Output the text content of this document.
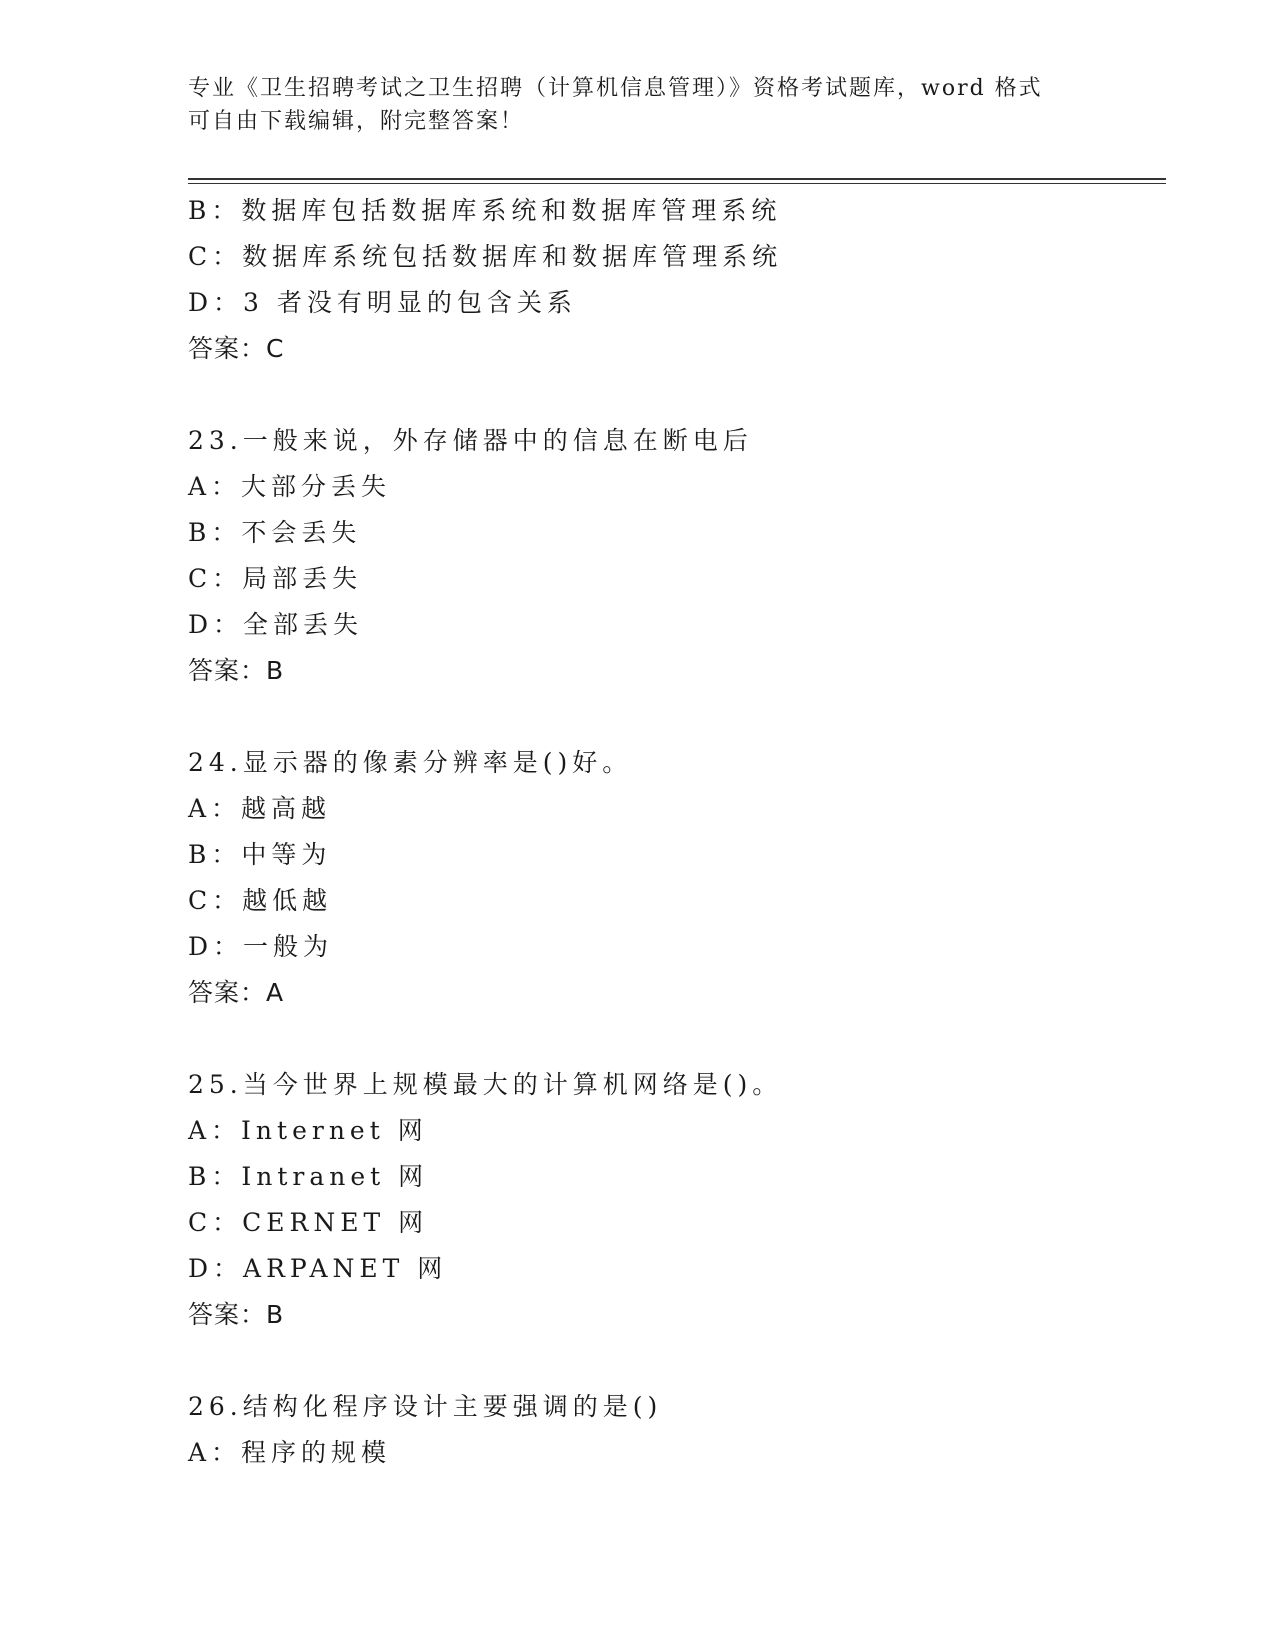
专业《卫生招聘考试之卫生招聘（计算机信息管理）》资格考试题库，word 格式
可自由下载编辑，附完整答案！
B：数据库包括数据库系统和数据库管理系统
C：数据库系统包括数据库和数据库管理系统
D：3 者没有明显的包含关系
答案：C
23.一般来说，外存储器中的信息在断电后
A：大部分丢失
B：不会丢失
C：局部丢失
D：全部丢失
答案：B
24.显示器的像素分辨率是()好。
A：越高越
B：中等为
C：越低越
D：一般为
答案：A
25.当今世界上规模最大的计算机网络是()。
A：Internet 网
B：Intranet 网
C：CERNET 网
D：ARPANET 网
答案：B
26.结构化程序设计主要强调的是()
A：程序的规模
